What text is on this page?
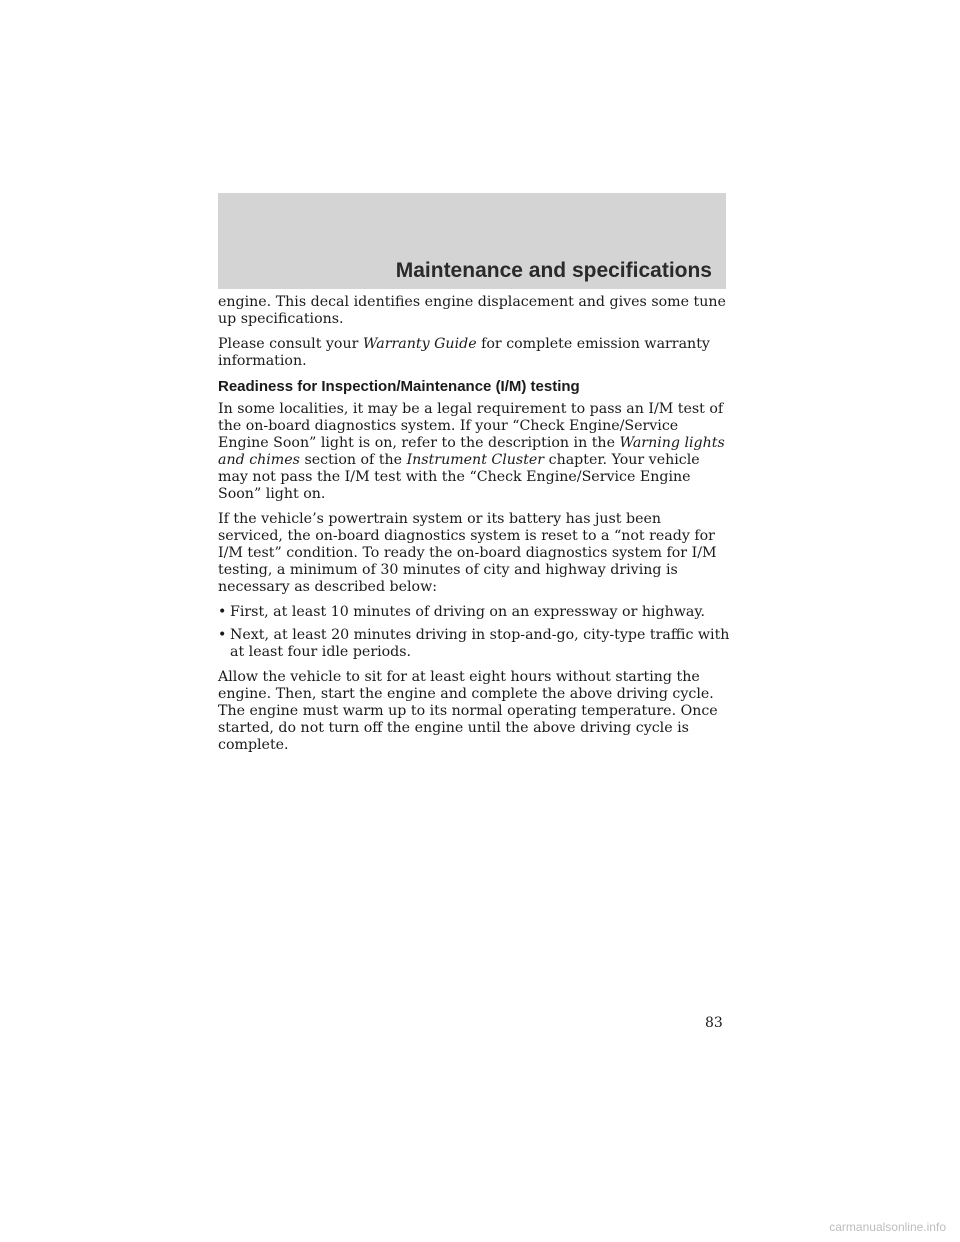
Maintenance and specifications

engine. This decal identifies engine displacement and gives some tune up specifications.

Please consult your Warranty Guide for complete emission warranty information.

Readiness for Inspection/Maintenance (I/M) testing

In some localities, it may be a legal requirement to pass an I/M test of the on-board diagnostics system. If your “Check Engine/Service Engine Soon” light is on, refer to the description in the Warning lights and chimes section of the Instrument Cluster chapter. Your vehicle may not pass the I/M test with the “Check Engine/Service Engine Soon” light on.

If the vehicle’s powertrain system or its battery has just been serviced, the on-board diagnostics system is reset to a “not ready for I/M test” condition. To ready the on-board diagnostics system for I/M testing, a minimum of 30 minutes of city and highway driving is necessary as described below:

• First, at least 10 minutes of driving on an expressway or highway.
• Next, at least 20 minutes driving in stop-and-go, city-type traffic with at least four idle periods.

Allow the vehicle to sit for at least eight hours without starting the engine. Then, start the engine and complete the above driving cycle. The engine must warm up to its normal operating temperature. Once started, do not turn off the engine until the above driving cycle is complete.

83
carmanualsonline.info
